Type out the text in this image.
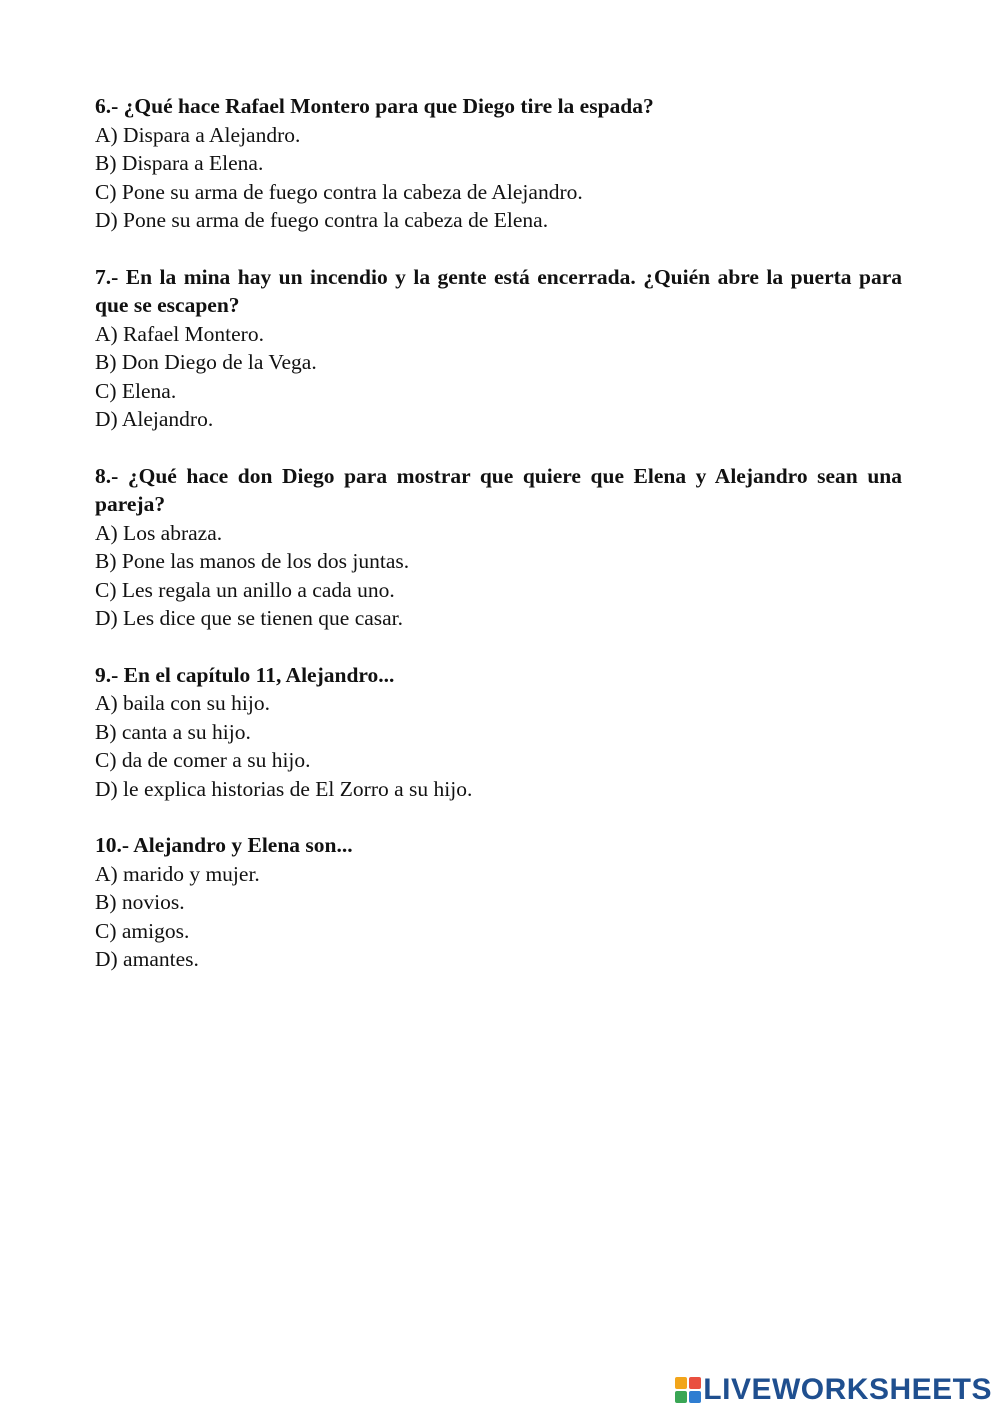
6.- ¿Qué hace Rafael Montero para que Diego tire la espada?

A) Dispara a Alejandro.

B) Dispara a Elena.

C) Pone su arma de fuego contra la cabeza de Alejandro.

D) Pone su arma de fuego contra la cabeza de Elena.

7.- En la mina hay un incendio y la gente está encerrada. ¿Quién abre la puerta para que se escapen?

A) Rafael Montero.

B) Don Diego de la Vega.

C) Elena.

D) Alejandro.

8.- ¿Qué hace don Diego para mostrar que quiere que Elena y Alejandro sean una pareja?

A) Los abraza.

B) Pone las manos de los dos juntas.

C) Les regala un anillo a cada uno.

D) Les dice que se tienen que casar.

9.- En el capítulo 11, Alejandro...

A) baila con su hijo.

B) canta a su hijo.

C) da de comer a su hijo.

D) le explica historias de El Zorro a su hijo.

10.- Alejandro y Elena son...

A) marido y mujer.

B) novios.

C) amigos.

D) amantes.

LIVEWORKSHEETS
